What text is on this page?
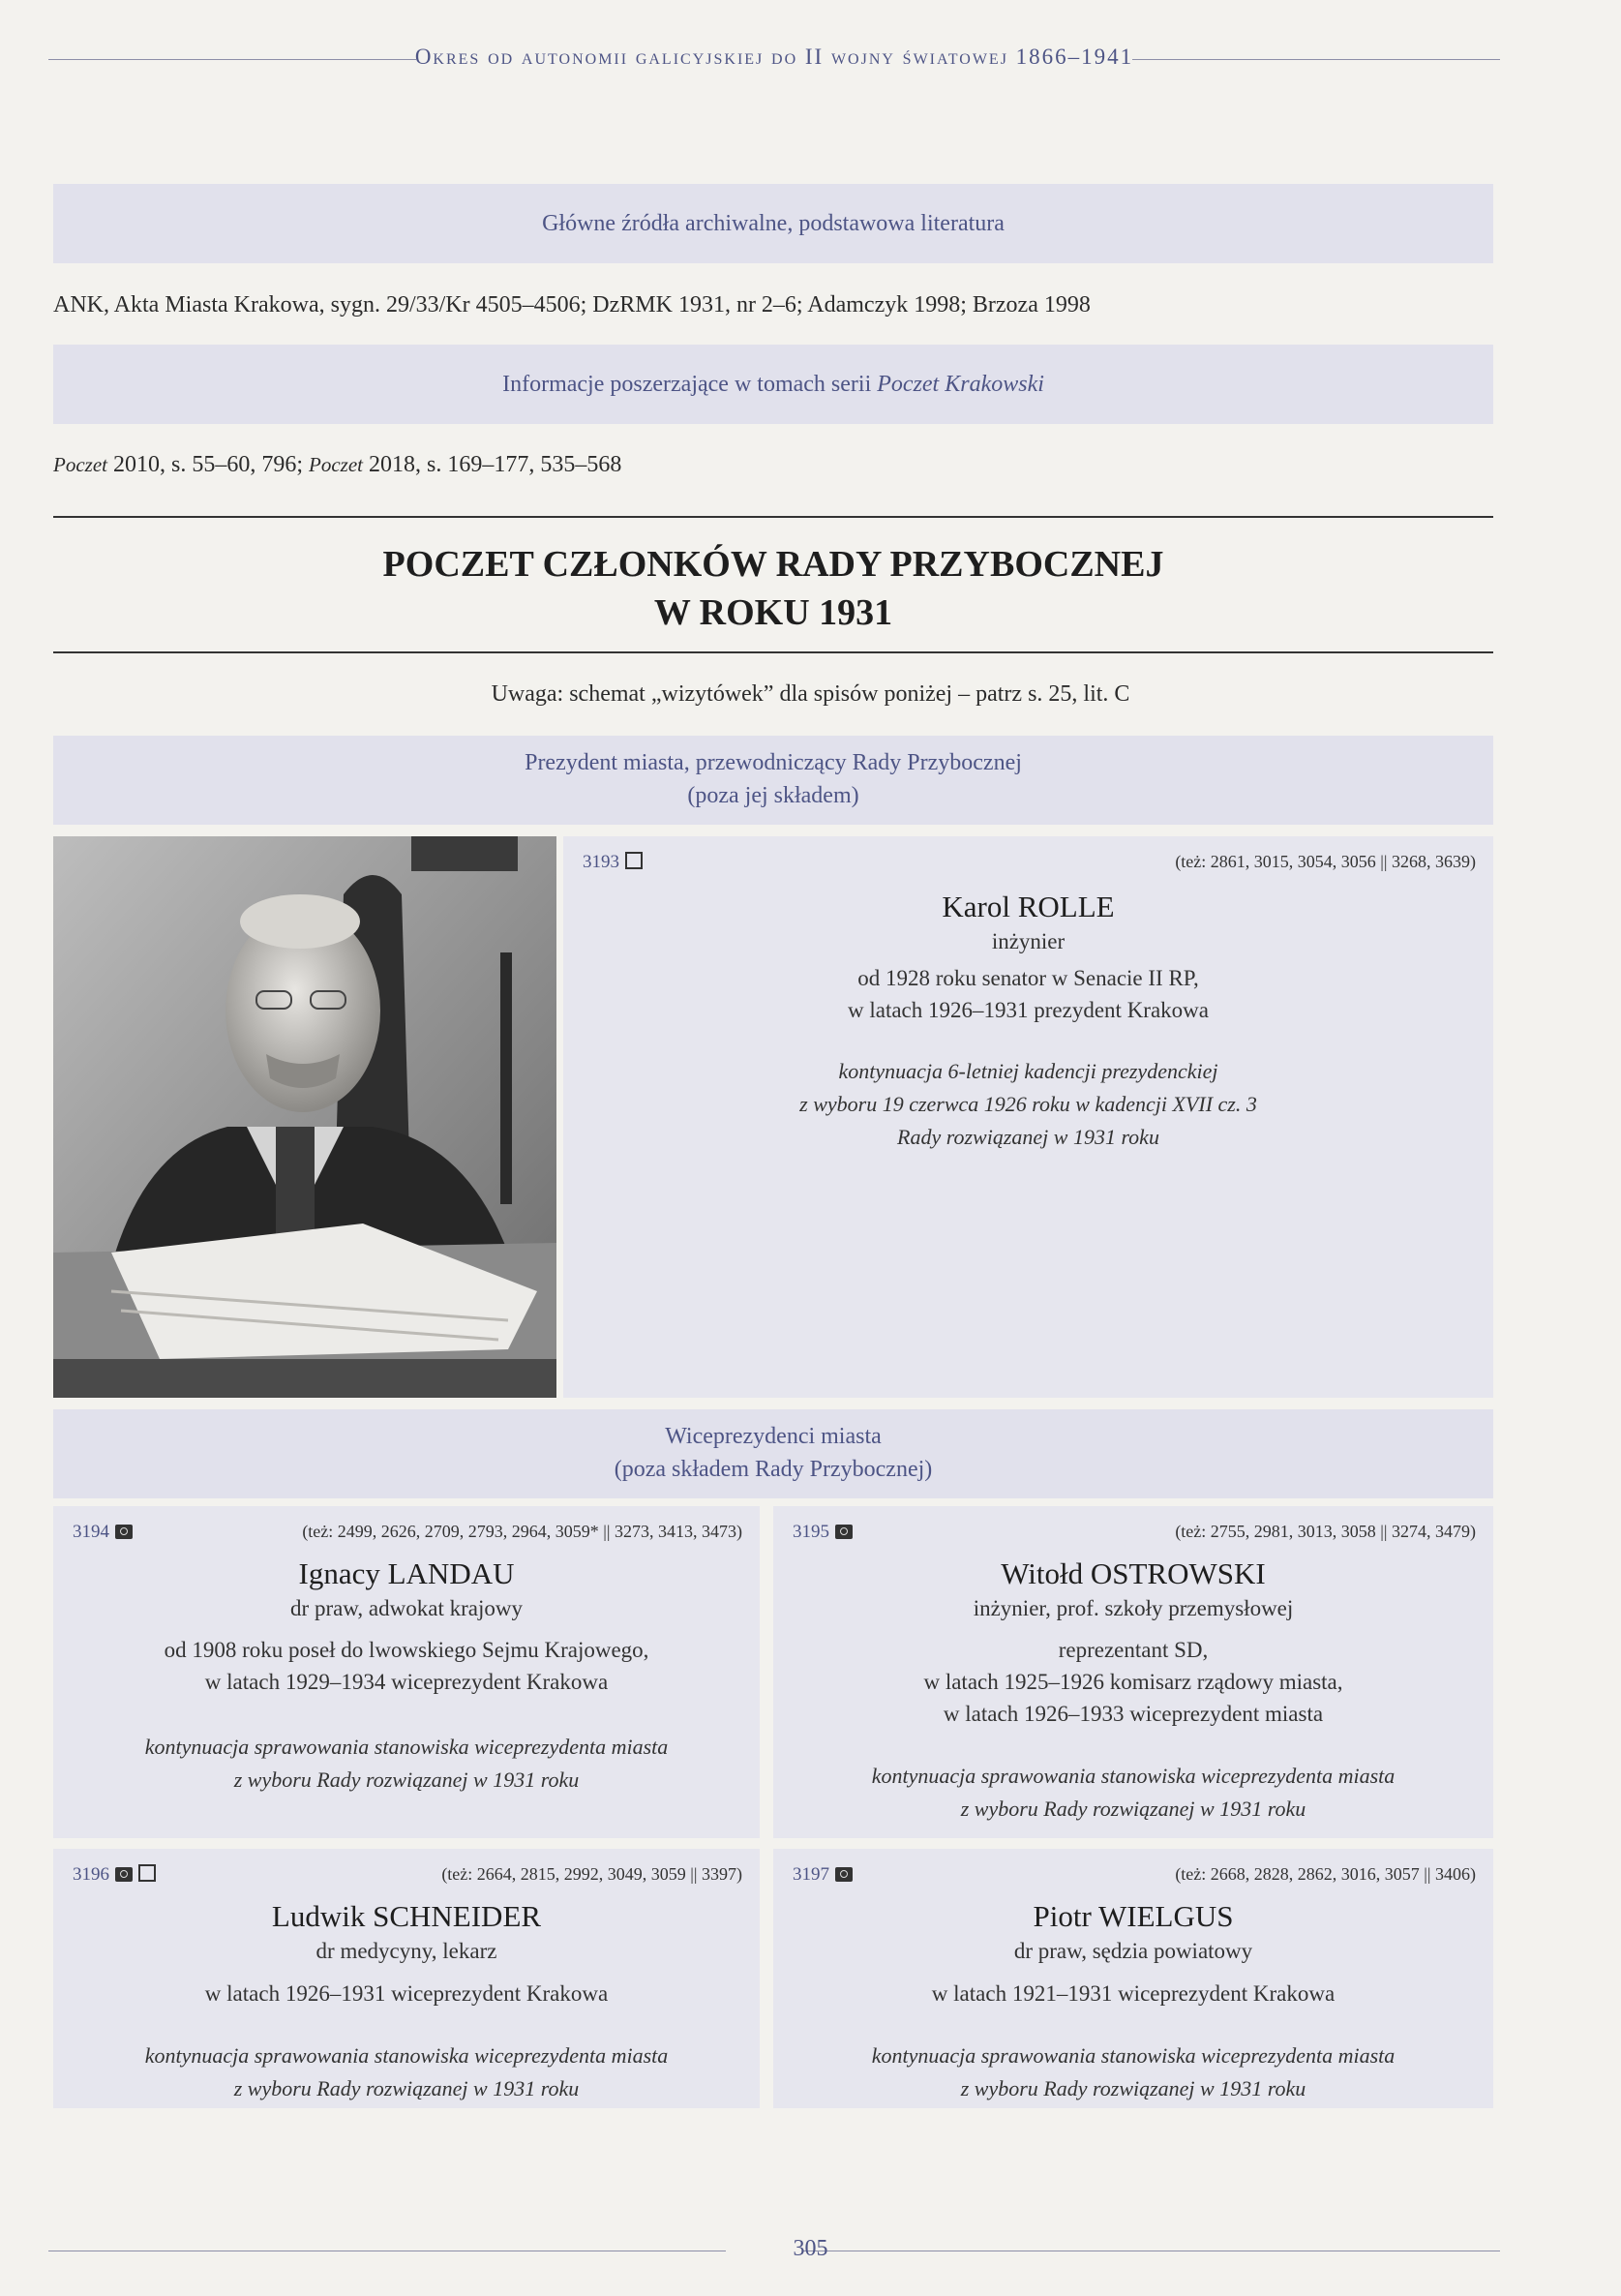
Okres od autonomii galicyjskiej do II wojny światowej 1866–1941
Główne źródła archiwalne, podstawowa literatura
ANK, Akta Miasta Krakowa, sygn. 29/33/Kr 4505–4506; DzRMK 1931, nr 2–6; Adamczyk 1998; Brzoza 1998
Informacje poszerzające w tomach serii Poczet Krakowski
Poczet 2010, s. 55–60, 796; Poczet 2018, s. 169–177, 535–568
POCZET CZŁONKÓW RADY PRZYBOCZNEJ
W ROKU 1931
Uwaga: schemat „wizytówek” dla spisów poniżej – patrz s. 25, lit. C
Prezydent miasta, przewodniczący Rady Przybocznej
(poza jej składem)
3193	(też: 2861, 3015, 3054, 3056 || 3268, 3639)
Karol ROLLE
inżynier
od 1928 roku senator w Senacie II RP,
w latach 1926–1931 prezydent Krakowa
kontynuacja 6-letniej kadencji prezydenckiej
z wyboru 19 czerwca 1926 roku w kadencji XVII cz. 3
Rady rozwiązanej w 1931 roku
Wiceprezydenci miasta
(poza składem Rady Przybocznej)
3194	(też: 2499, 2626, 2709, 2793, 2964, 3059* || 3273, 3413, 3473)
Ignacy LANDAU
dr praw, adwokat krajowy
od 1908 roku poseł do lwowskiego Sejmu Krajowego,
w latach 1929–1934 wiceprezydent Krakowa
kontynuacja sprawowania stanowiska wiceprezydenta miasta
z wyboru Rady rozwiązanej w 1931 roku
3195	(też: 2755, 2981, 3013, 3058 || 3274, 3479)
Witołd OSTROWSKI
inżynier, prof. szkoły przemysłowej
reprezentant SD,
w latach 1925–1926 komisarz rządowy miasta,
w latach 1926–1933 wiceprezydent miasta
kontynuacja sprawowania stanowiska wiceprezydenta miasta
z wyboru Rady rozwiązanej w 1931 roku
3196	(też: 2664, 2815, 2992, 3049, 3059 || 3397)
Ludwik SCHNEIDER
dr medycyny, lekarz
w latach 1926–1931 wiceprezydent Krakowa
kontynuacja sprawowania stanowiska wiceprezydenta miasta
z wyboru Rady rozwiązanej w 1931 roku
3197	(też: 2668, 2828, 2862, 3016, 3057 || 3406)
Piotr WIELGUS
dr praw, sędzia powiatowy
w latach 1921–1931 wiceprezydent Krakowa
kontynuacja sprawowania stanowiska wiceprezydenta miasta
z wyboru Rady rozwiązanej w 1931 roku
305
